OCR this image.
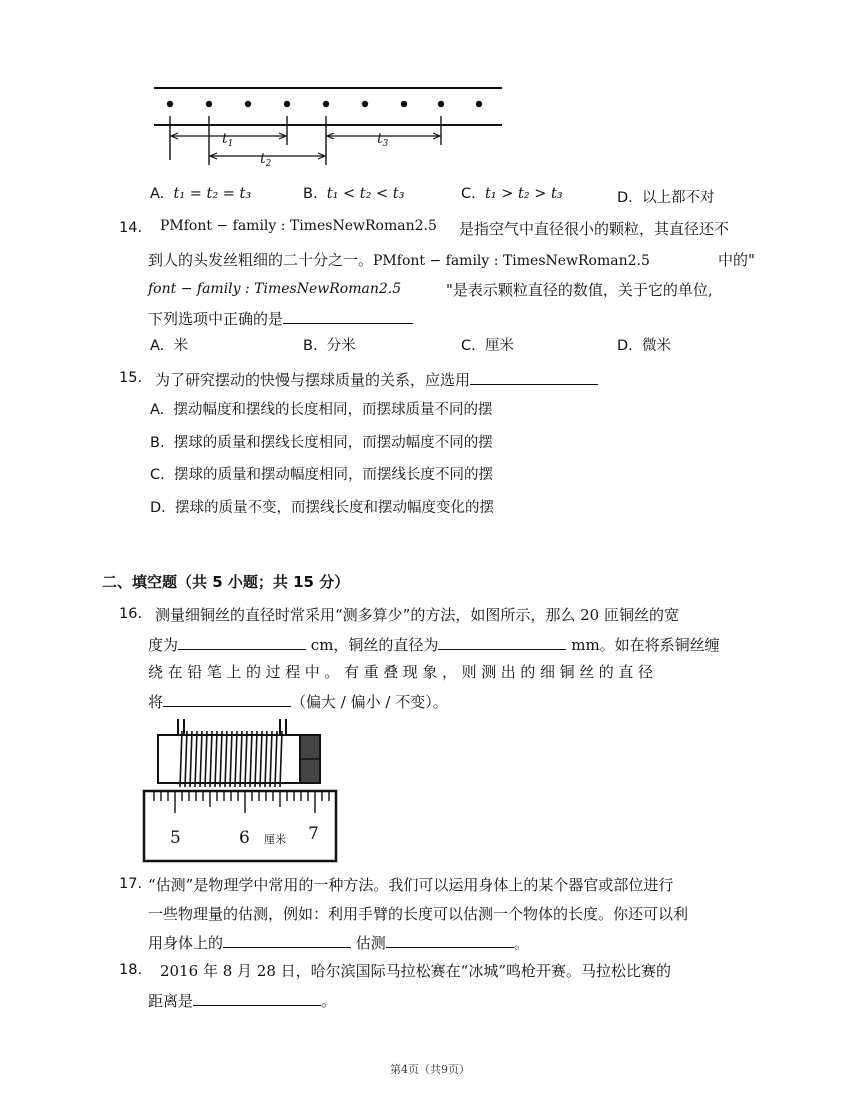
$t_1$
$t_2$
$t_3$
A. t₁ = t₂ = t₃	B. t₁ < t₂ < t₃	C. t₁ > t₂ > t₃	D. 以上都不对
14. PMfont − family : TimesNewRoman2.5 是指空气中直径很小的颗粒，其直径还不
到人的头发丝粗细的二十分之一。PMfont − family : TimesNewRoman2.5	中的"
font − family : TimesNewRoman2.5	"是表示颗粒直径的数值，关于它的单位,
下列选项中正确的是
A. 米	B. 分米	C. 厘米	D. 微米
15. 为了研究摆动的快慢与摆球质量的关系，应选用
A. 摆动幅度和摆线的长度相同，而摆球质量不同的摆
B. 摆球的质量和摆线长度相同，而摆动幅度不同的摆
C. 摆球的质量和摆动幅度相同，而摆线长度不同的摆
D. 摆球的质量不变，而摆线长度和摆动幅度变化的摆
二、填空题（共 5 小题；共 15 分）
16. 测量细铜丝的直径时常采用“测多算少”的方法，如图所示，那么 20 匝铜丝的宽
度为	cm，铜丝的直径为	mm。如在将系铜丝缠
绕在铅笔上的过程中。有重叠现象，则测出的细铜丝的直径
将	（偏大 / 偏小 / 不变）。
5	6 厘米 7
17. “估测”是物理学中常用的一种方法。我们可以运用身体上的某个器官或部位进行
一些物理量的估测，例如：利用手臂的长度可以估测一个物体的长度。你还可以利
用身体上的	估测	。
18. 2016 年 8 月 28 日，哈尔滨国际马拉松赛在“冰城”鸣枪开赛。马拉松比赛的
距离是	。
第4页（共9页）
